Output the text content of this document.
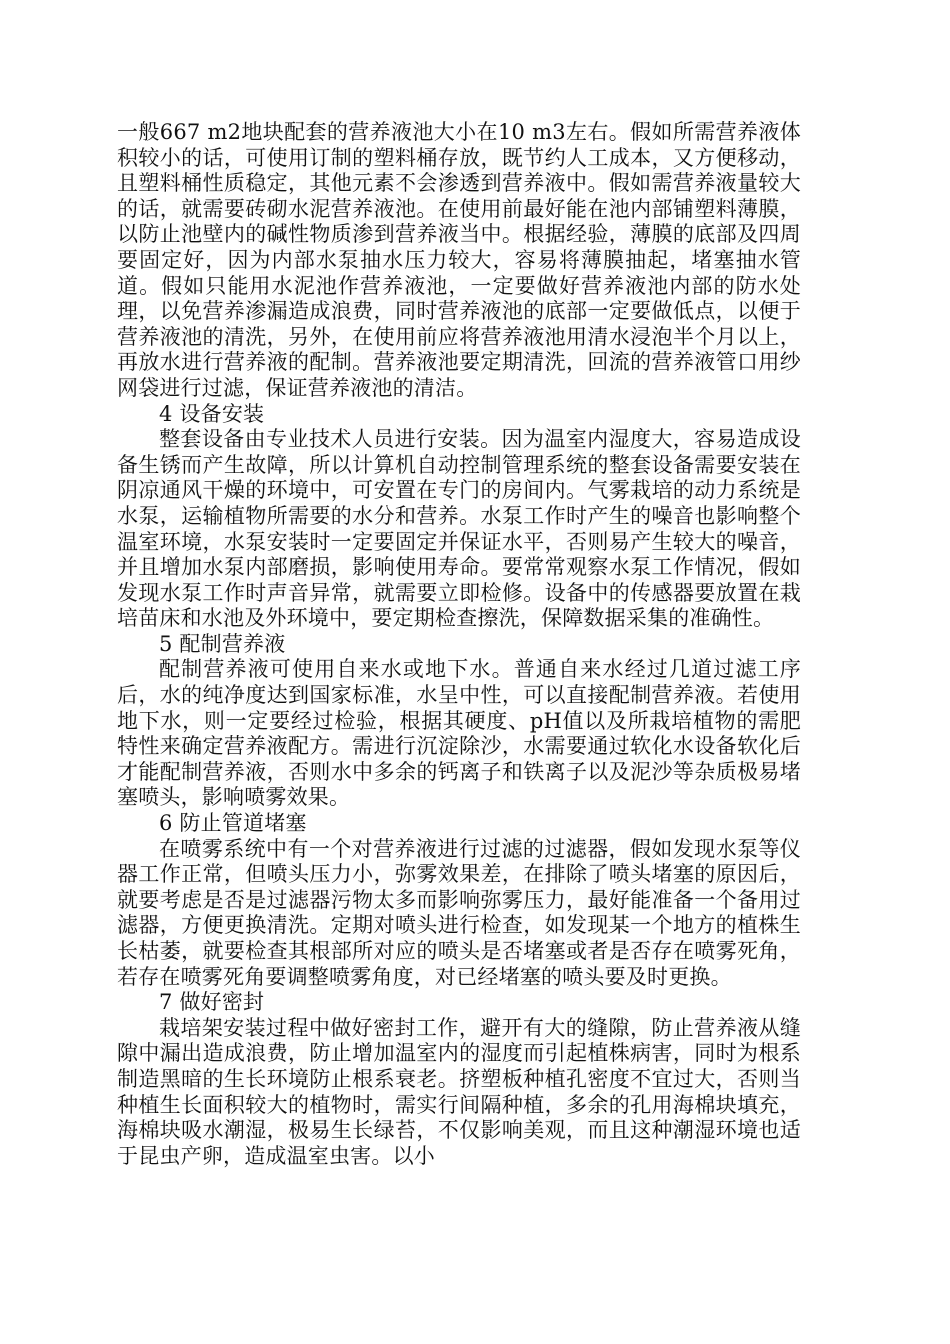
一般667 m2地块配套的营养液池大小在10 m3左右。假如所需营养液体积较小的话，可使用订制的塑料桶存放，既节约人工成本，又方便移动，且塑料桶性质稳定，其他元素不会渗透到营养液中。假如需营养液量较大的话，就需要砖砌水泥营养液池。在使用前最好能在池内部铺塑料薄膜，以防止池壁内的碱性物质渗到营养液当中。根据经验，薄膜的底部及四周要固定好，因为内部水泵抽水压力较大，容易将薄膜抽起，堵塞抽水管道。假如只能用水泥池作营养液池，一定要做好营养液池内部的防水处理，以免营养渗漏造成浪费，同时营养液池的底部一定要做低点，以便于营养液池的清洗，另外，在使用前应将营养液池用清水浸泡半个月以上，再放水进行营养液的配制。营养液池要定期清洗，回流的营养液管口用纱网袋进行过滤，保证营养液池的清洁。

4 设备安装

整套设备由专业技术人员进行安装。因为温室内湿度大，容易造成设备生锈而产生故障，所以计算机自动控制管理系统的整套设备需要安装在阴凉通风干燥的环境中，可安置在专门的房间内。气雾栽培的动力系统是水泵，运输植物所需要的水分和营养。水泵工作时产生的噪音也影响整个温室环境，水泵安装时一定要固定并保证水平，否则易产生较大的噪音，并且增加水泵内部磨损，影响使用寿命。要常常观察水泵工作情况，假如发现水泵工作时声音异常，就需要立即检修。设备中的传感器要放置在栽培苗床和水池及外环境中，要定期检查擦洗，保障数据采集的准确性。

5 配制营养液

配制营养液可使用自来水或地下水。普通自来水经过几道过滤工序后，水的纯净度达到国家标准，水呈中性，可以直接配制营养液。若使用地下水，则一定要经过检验，根据其硬度、pH值以及所栽培植物的需肥特性来确定营养液配方。需进行沉淀除沙，水需要通过软化水设备软化后才能配制营养液，否则水中多余的钙离子和铁离子以及泥沙等杂质极易堵塞喷头，影响喷雾效果。

6 防止管道堵塞

在喷雾系统中有一个对营养液进行过滤的过滤器，假如发现水泵等仪器工作正常，但喷头压力小，弥雾效果差，在排除了喷头堵塞的原因后，就要考虑是否是过滤器污物太多而影响弥雾压力，最好能准备一个备用过滤器，方便更换清洗。定期对喷头进行检查，如发现某一个地方的植株生长枯萎，就要检查其根部所对应的喷头是否堵塞或者是否存在喷雾死角，若存在喷雾死角要调整喷雾角度，对已经堵塞的喷头要及时更换。

7 做好密封

栽培架安装过程中做好密封工作，避开有大的缝隙，防止营养液从缝隙中漏出造成浪费，防止增加温室内的湿度而引起植株病害，同时为根系制造黑暗的生长环境防止根系衰老。挤塑板种植孔密度不宜过大，否则当种植生长面积较大的植物时，需实行间隔种植，多余的孔用海棉块填充，海棉块吸水潮湿，极易生长绿苔，不仅影响美观，而且这种潮湿环境也适于昆虫产卵，造成温室虫害。以小
